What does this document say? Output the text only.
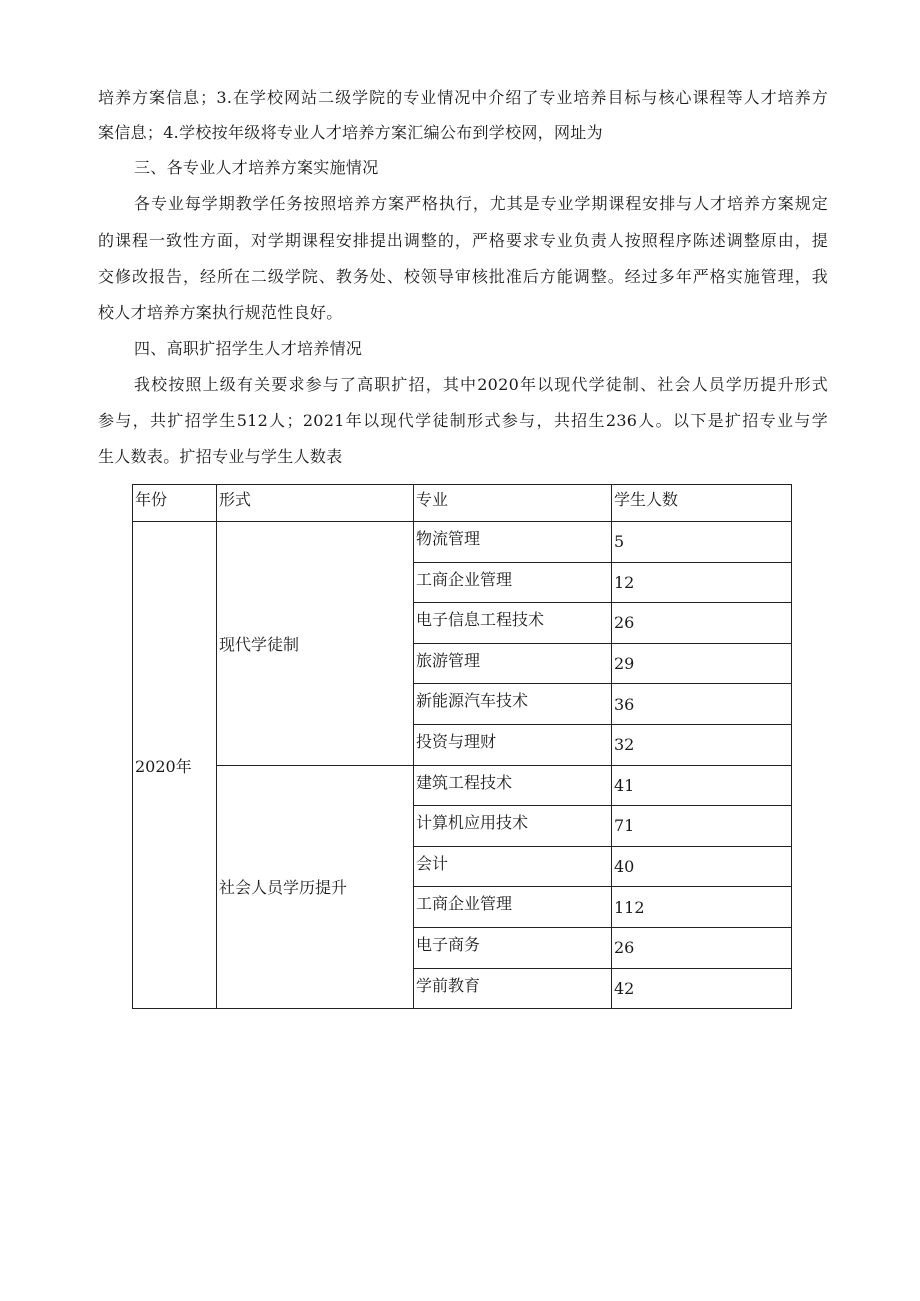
培养方案信息；3.在学校网站二级学院的专业情况中介绍了专业培养目标与核心课程等人才培养方
案信息；4.学校按年级将专业人才培养方案汇编公布到学校网，网址为
三、各专业人才培养方案实施情况
各专业每学期教学任务按照培养方案严格执行，尤其是专业学期课程安排与人才培养方案规定
的课程一致性方面，对学期课程安排提出调整的，严格要求专业负责人按照程序陈述调整原由，提
交修改报告，经所在二级学院、教务处、校领导审核批准后方能调整。经过多年严格实施管理，我
校人才培养方案执行规范性良好。
四、高职扩招学生人才培养情况
我校按照上级有关要求参与了高职扩招，其中2020年以现代学徒制、社会人员学历提升形式
参与，共扩招学生512人；2021年以现代学徒制形式参与，共招生236人。以下是扩招专业与学
生人数表。扩招专业与学生人数表
年份	形式	专业	学生人数
2020年	现代学徒制	物流管理	5
		工商企业管理	12
		电子信息工程技术	26
		旅游管理	29
		新能源汽车技术	36
		投资与理财	32
	社会人员学历提升	建筑工程技术	41
		计算机应用技术	71
		会计	40
		工商企业管理	112
		电子商务	26
		学前教育	42
